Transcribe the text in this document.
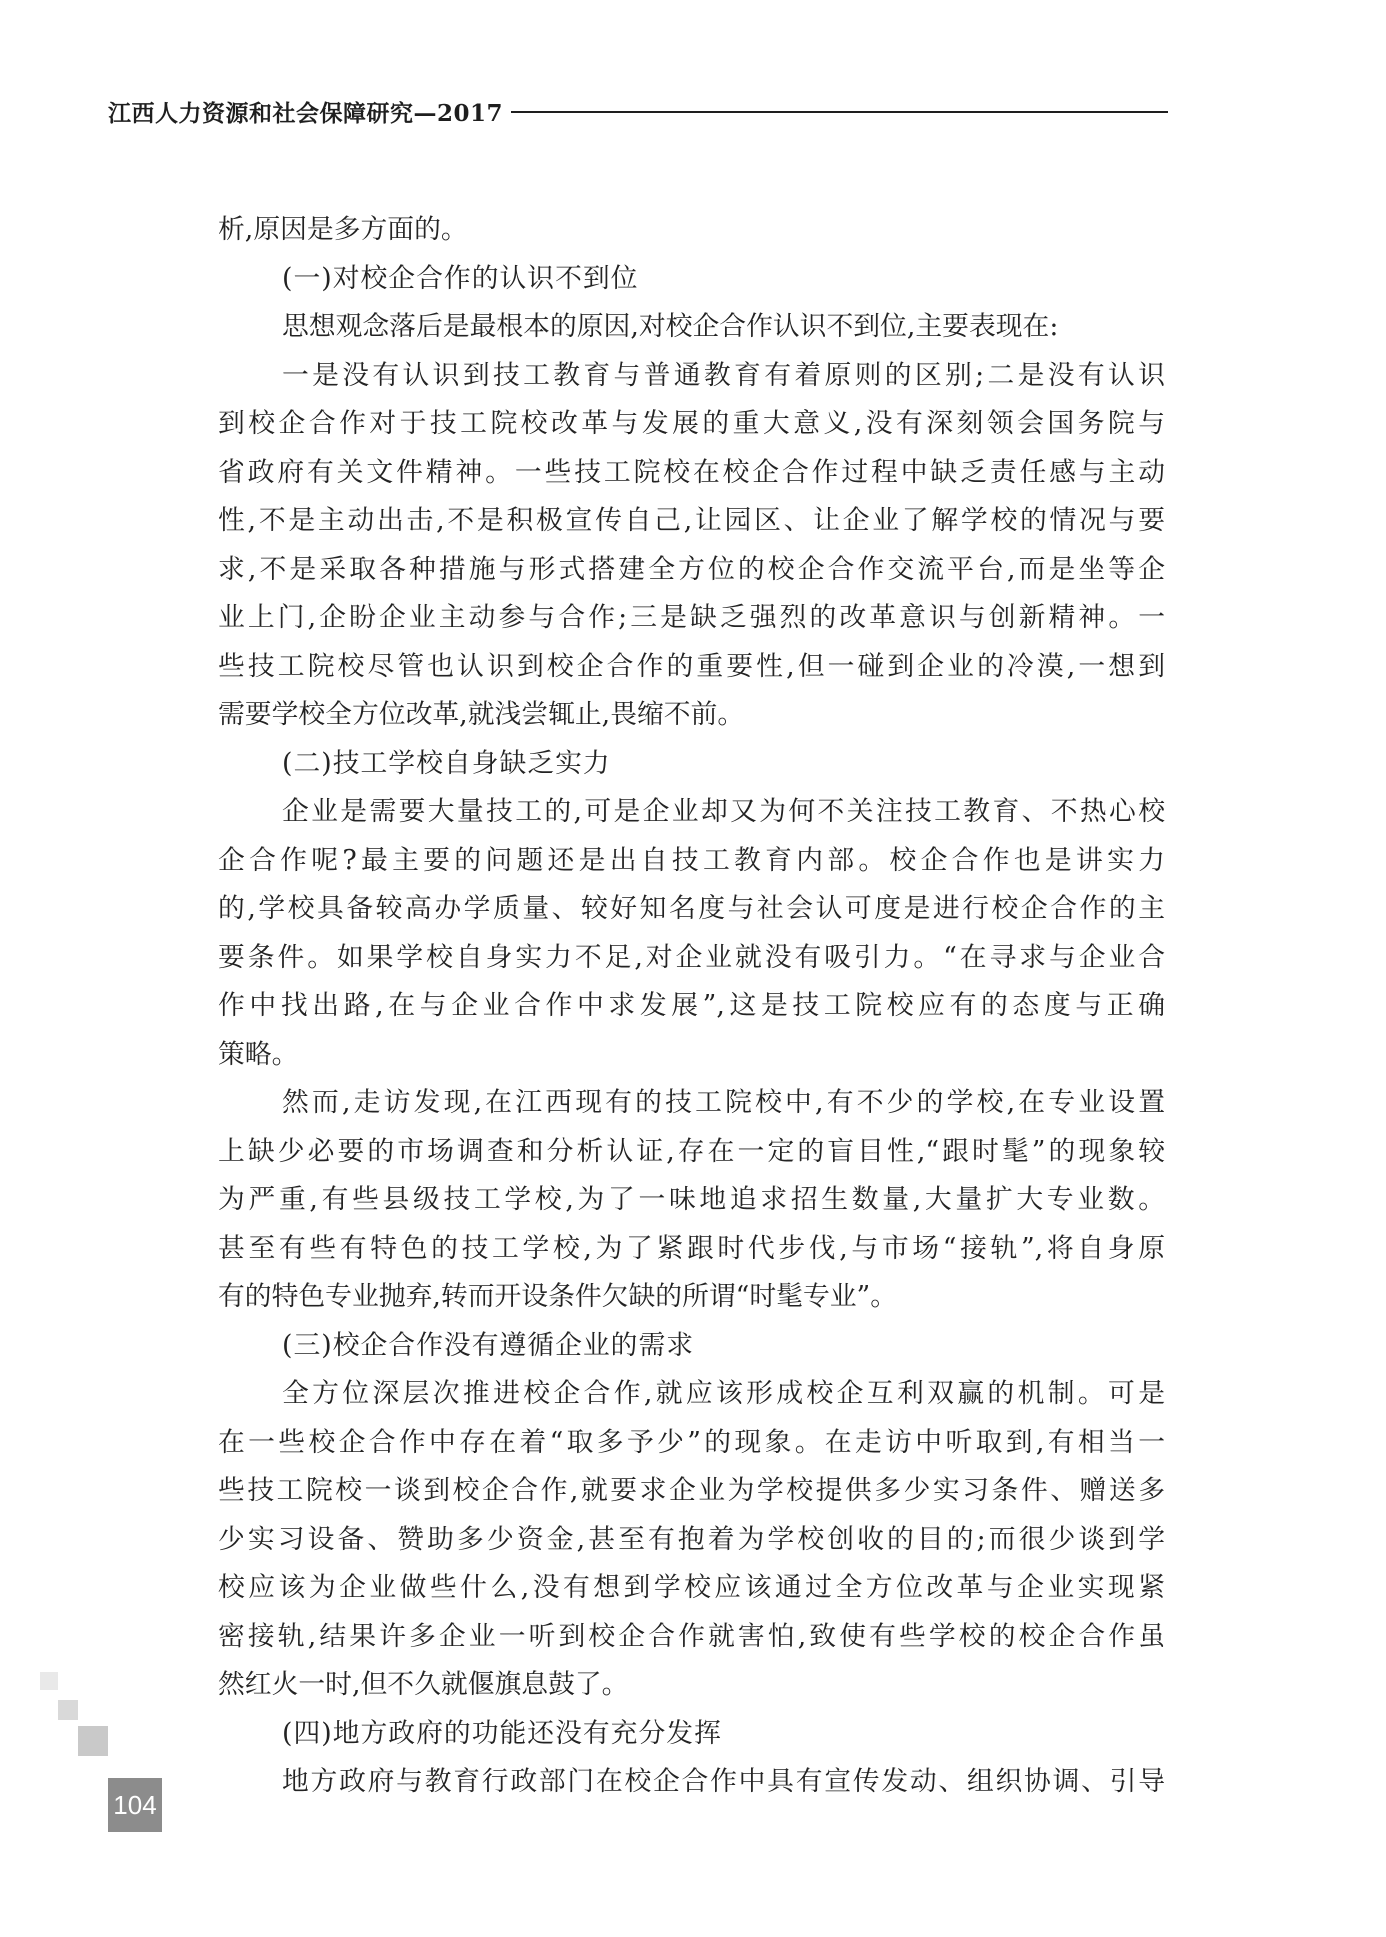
江西人力资源和社会保障研究—2017
析,原因是多方面的。
(一)对校企合作的认识不到位
思想观念落后是最根本的原因,对校企合作认识不到位,主要表现在:
一是没有认识到技工教育与普通教育有着原则的区别;二是没有认识
到校企合作对于技工院校改革与发展的重大意义,没有深刻领会国务院与
省政府有关文件精神。一些技工院校在校企合作过程中缺乏责任感与主动
性,不是主动出击,不是积极宣传自己,让园区、让企业了解学校的情况与要
求,不是采取各种措施与形式搭建全方位的校企合作交流平台,而是坐等企
业上门,企盼企业主动参与合作;三是缺乏强烈的改革意识与创新精神。一
些技工院校尽管也认识到校企合作的重要性,但一碰到企业的冷漠,一想到
需要学校全方位改革,就浅尝辄止,畏缩不前。
(二)技工学校自身缺乏实力
企业是需要大量技工的,可是企业却又为何不关注技工教育、不热心校
企合作呢?最主要的问题还是出自技工教育内部。校企合作也是讲实力
的,学校具备较高办学质量、较好知名度与社会认可度是进行校企合作的主
要条件。如果学校自身实力不足,对企业就没有吸引力。“在寻求与企业合
作中找出路,在与企业合作中求发展”,这是技工院校应有的态度与正确
策略。
然而,走访发现,在江西现有的技工院校中,有不少的学校,在专业设置
上缺少必要的市场调查和分析认证,存在一定的盲目性,“跟时髦”的现象较
为严重,有些县级技工学校,为了一味地追求招生数量,大量扩大专业数。
甚至有些有特色的技工学校,为了紧跟时代步伐,与市场“接轨”,将自身原
有的特色专业抛弃,转而开设条件欠缺的所谓“时髦专业”。
(三)校企合作没有遵循企业的需求
全方位深层次推进校企合作,就应该形成校企互利双赢的机制。可是
在一些校企合作中存在着“取多予少”的现象。在走访中听取到,有相当一
些技工院校一谈到校企合作,就要求企业为学校提供多少实习条件、赠送多
少实习设备、赞助多少资金,甚至有抱着为学校创收的目的;而很少谈到学
校应该为企业做些什么,没有想到学校应该通过全方位改革与企业实现紧
密接轨,结果许多企业一听到校企合作就害怕,致使有些学校的校企合作虽
然红火一时,但不久就偃旗息鼓了。
(四)地方政府的功能还没有充分发挥
地方政府与教育行政部门在校企合作中具有宣传发动、组织协调、引导
104
